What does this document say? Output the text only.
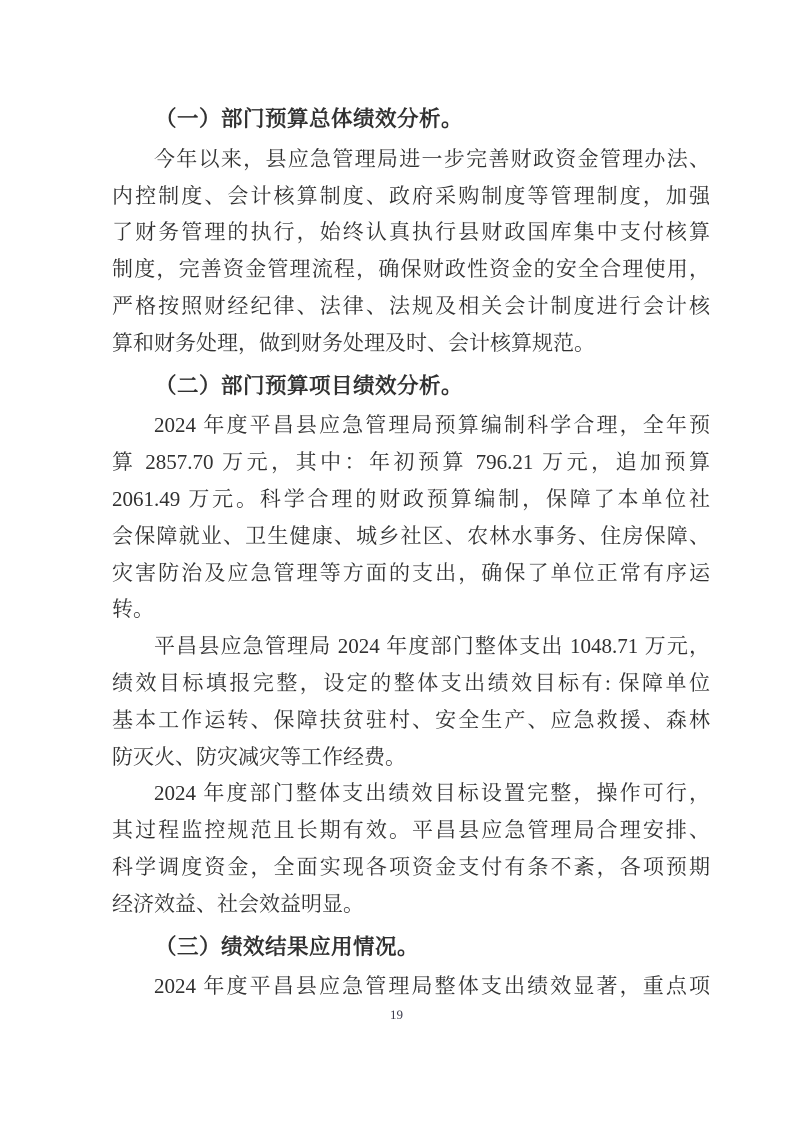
（一）部门预算总体绩效分析。
今年以来，县应急管理局进一步完善财政资金管理办法、
内控制度、会计核算制度、政府采购制度等管理制度，加强
了财务管理的执行，始终认真执行县财政国库集中支付核算
制度，完善资金管理流程，确保财政性资金的安全合理使用，
严格按照财经纪律、法律、法规及相关会计制度进行会计核
算和财务处理，做到财务处理及时、会计核算规范。
（二）部门预算项目绩效分析。
2024 年度平昌县应急管理局预算编制科学合理，全年预
算 2857.70 万元，其中：年初预算 796.21 万元，追加预算
2061.49 万元。科学合理的财政预算编制，保障了本单位社
会保障就业、卫生健康、城乡社区、农林水事务、住房保障、
灾害防治及应急管理等方面的支出，确保了单位正常有序运
转。
平昌县应急管理局 2024 年度部门整体支出 1048.71 万元，
绩效目标填报完整，设定的整体支出绩效目标有: 保障单位
基本工作运转、保障扶贫驻村、安全生产、应急救援、森林
防灭火、防灾减灾等工作经费。
2024 年度部门整体支出绩效目标设置完整，操作可行，
其过程监控规范且长期有效。平昌县应急管理局合理安排、
科学调度资金，全面实现各项资金支付有条不紊，各项预期
经济效益、社会效益明显。
（三）绩效结果应用情况。
2024 年度平昌县应急管理局整体支出绩效显著，重点项
19
